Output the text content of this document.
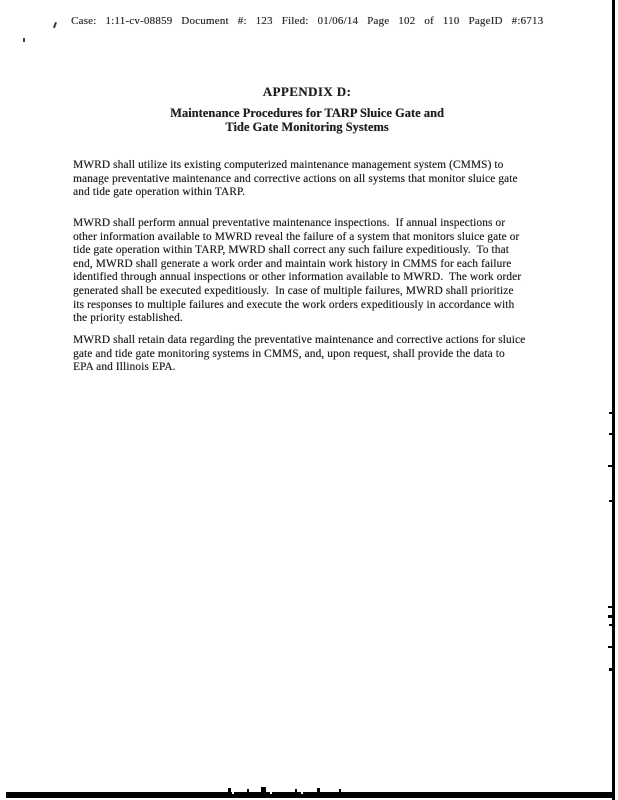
Case: 1:11-cv-08859 Document #: 123 Filed: 01/06/14 Page 102 of 110 PageID #:6713
APPENDIX D:
Maintenance Procedures for TARP Sluice Gate and
Tide Gate Monitoring Systems
MWRD shall utilize its existing computerized maintenance management system (CMMS) to
manage preventative maintenance and corrective actions on all systems that monitor sluice gate
and tide gate operation within TARP.
MWRD shall perform annual preventative maintenance inspections.  If annual inspections or
other information available to MWRD reveal the failure of a system that monitors sluice gate or
tide gate operation within TARP, MWRD shall correct any such failure expeditiously.  To that
end, MWRD shall generate a work order and maintain work history in CMMS for each failure
identified through annual inspections or other information available to MWRD.  The work order
generated shall be executed expeditiously.  In case of multiple failures, MWRD shall prioritize
its responses to multiple failures and execute the work orders expeditiously in accordance with
the priority established.
MWRD shall retain data regarding the preventative maintenance and corrective actions for sluice
gate and tide gate monitoring systems in CMMS, and, upon request, shall provide the data to
EPA and Illinois EPA.
